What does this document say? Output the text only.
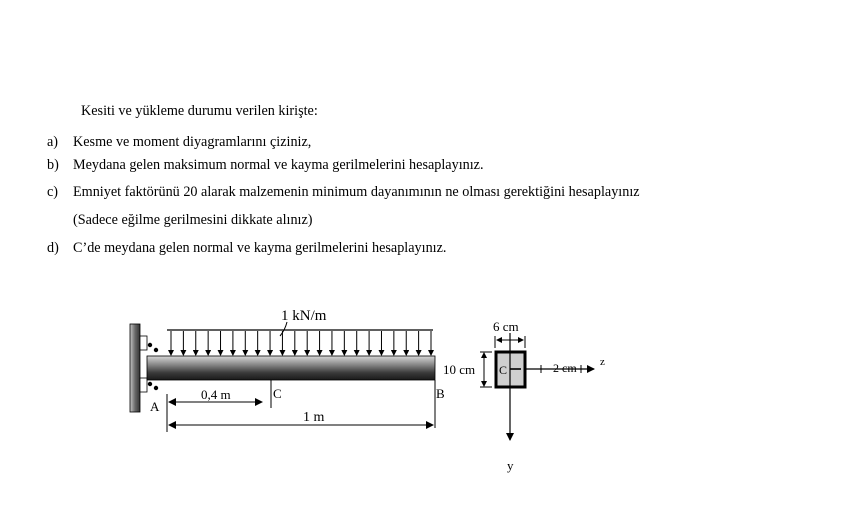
Kesiti ve yükleme durumu verilen kirişte:
a) Kesme ve moment diyagramlarını çiziniz,
b) Meydana gelen maksimum normal ve kayma gerilmelerini hesaplayınız.
c) Emniyet faktörünü 20 alarak malzemenin minimum dayanımının ne olması gerektiğini hesaplayınız
(Sadece eğilme gerilmesini dikkate alınız)
d) C’de meydana gelen normal ve kayma gerilmelerini hesaplayınız.
1 kN/m
A
C	B
0,4 m
1 m
6 cm
10 cm C	2 cm z
y
